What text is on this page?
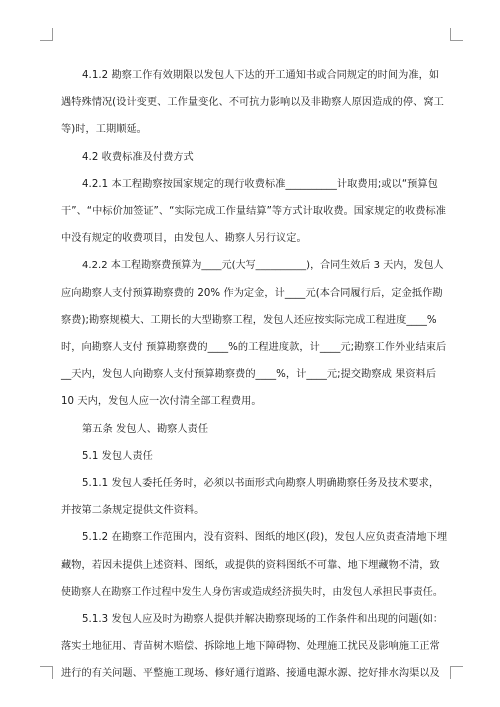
4.1.2 勘察工作有效期限以发包人下达的开工通知书或合同规定的时间为准，如

遇特殊情况(设计变更、工作量变化、不可抗力影响以及非勘察人原因造成的停、窝工

等)时，工期顺延。

4.2 收费标准及付费方式

4.2.1 本工程勘察按国家规定的现行收费标准__________计取费用;或以“预算包

干”、“中标价加签证”、“实际完成工作量结算”等方式计取收费。国家规定的收费标准

中没有规定的收费项目，由发包人、勘察人另行议定。

4.2.2 本工程勘察费预算为____元(大写__________)，合同生效后 3 天内，发包人

应向勘察人支付预算勘察费的 20% 作为定金，计____元(本合同履行后，定金抵作勘

察费);勘察规模大、工期长的大型勘察工程，发包人还应按实际完成工程进度____%

时，向勘察人支付 预算勘察费的____%的工程进度款，计____元;勘察工作外业结束后

__天内，发包人向勘察人支付预算勘察费的____%，计____元;提交勘察成 果资料后

10 天内，发包人应一次付清全部工程费用。

第五条 发包人、勘察人责任

5.1 发包人责任

5.1.1 发包人委托任务时，必须以书面形式向勘察人明确勘察任务及技术要求，

并按第二条规定提供文件资料。

5.1.2 在勘察工作范围内，没有资料、图纸的地区(段)，发包人应负责查清地下埋

藏物，若因未提供上述资料、图纸，或提供的资料图纸不可靠、地下埋藏物不清，致

使勘察人在勘察工作过程中发生人身伤害或造成经济损失时，由发包人承担民事责任。

5.1.3 发包人应及时为勘察人提供并解决勘察现场的工作条件和出现的问题(如：

落实土地征用、青苗树木赔偿、拆除地上地下障碍物、处理施工扰民及影响施工正常

进行的有关问题、平整施工现场、修好通行道路、接通电源水源、挖好排水沟渠以及
